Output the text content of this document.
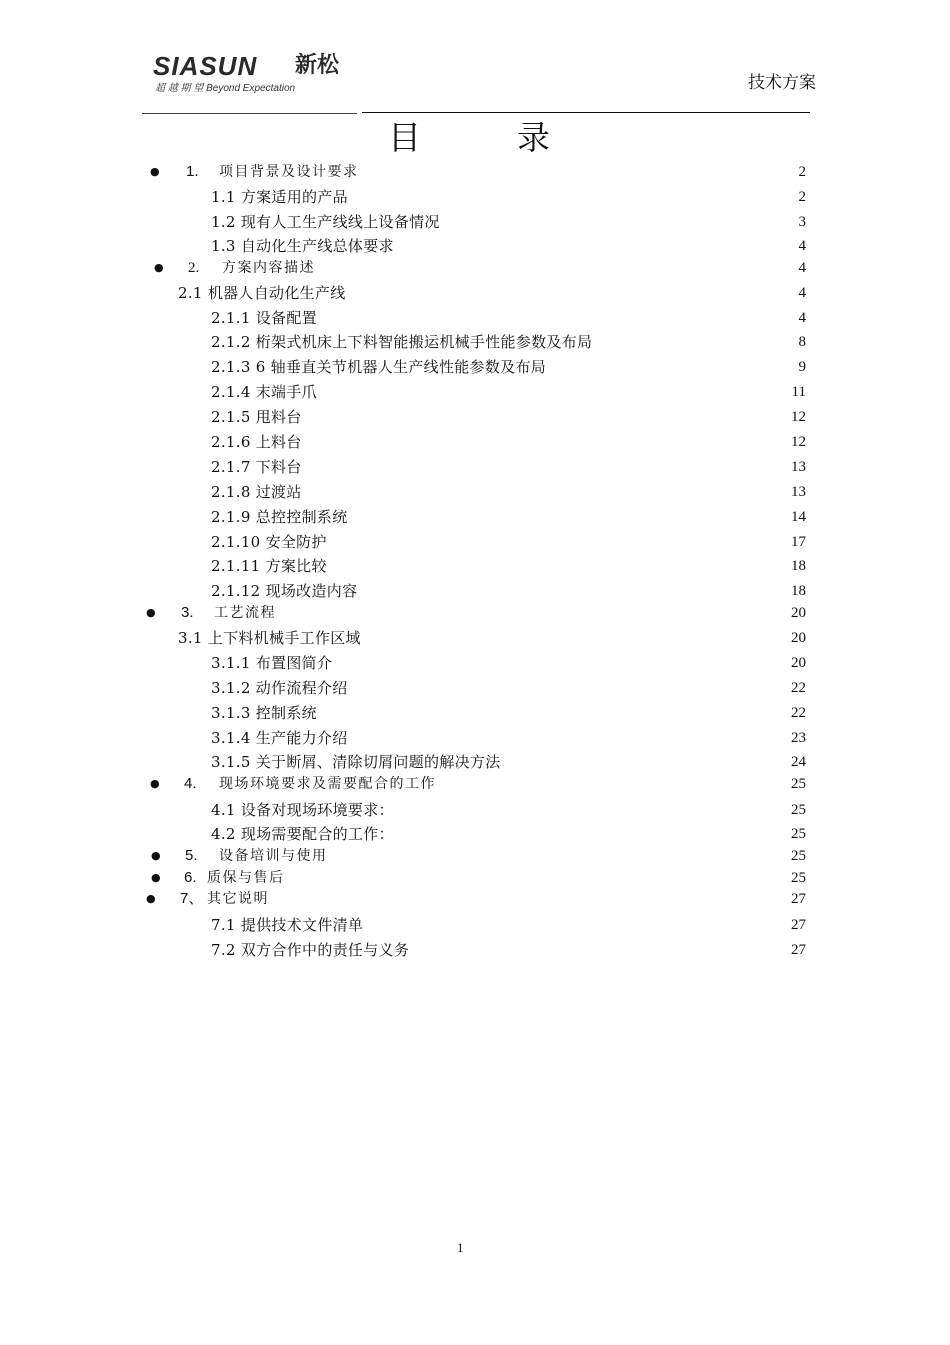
SIASUN 新松
超 越 期 望 Beyond Expectation	技术方案
目录
● 1. 项目背景及设计要求	2
1.1 方案适用的产品	2
1.2 现有人工生产线线上设备情况	3
1.3 自动化生产线总体要求	4
● 2. 方案内容描述	4
2.1 机器人自动化生产线	4
2.1.1 设备配置	4
2.1.2 桁架式机床上下料智能搬运机械手性能参数及布局	8
2.1.3 6 轴垂直关节机器人生产线性能参数及布局	9
2.1.4 末端手爪	11
2.1.5 甩料台	12
2.1.6 上料台	12
2.1.7 下料台	13
2.1.8 过渡站	13
2.1.9 总控控制系统	14
2.1.10 安全防护	17
2.1.11 方案比较	18
2.1.12 现场改造内容	18
● 3. 工艺流程	20
3.1 上下料机械手工作区域	20
3.1.1 布置图简介	20
3.1.2 动作流程介绍	22
3.1.3 控制系统	22
3.1.4 生产能力介绍	23
3.1.5 关于断屑、清除切屑问题的解决方法	24
● 4. 现场环境要求及需要配合的工作	25
4.1 设备对现场环境要求：	25
4.2 现场需要配合的工作：	25
● 5. 设备培训与使用	25
● 6. 质保与售后	25
● 7、 其它说明	27
7.1 提供技术文件清单	27
7.2 双方合作中的责任与义务	27
1
